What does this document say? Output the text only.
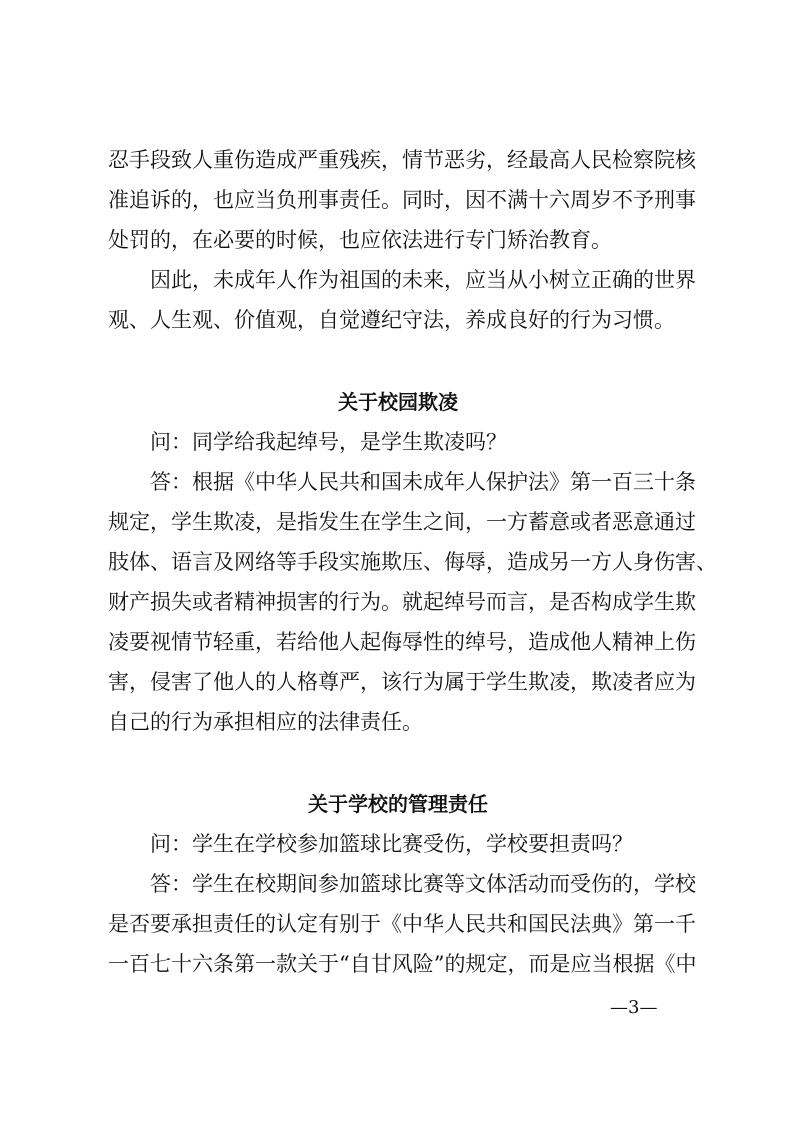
忍手段致人重伤造成严重残疾，情节恶劣，经最高人民检察院核
准追诉的，也应当负刑事责任。同时，因不满十六周岁不予刑事
处罚的，在必要的时候，也应依法进行专门矫治教育。
因此，未成年人作为祖国的未来，应当从小树立正确的世界
观、人生观、价值观，自觉遵纪守法，养成良好的行为习惯。
关于校园欺凌
问：同学给我起绰号，是学生欺凌吗？
答：根据《中华人民共和国未成年人保护法》第一百三十条
规定，学生欺凌，是指发生在学生之间，一方蓄意或者恶意通过
肢体、语言及网络等手段实施欺压、侮辱，造成另一方人身伤害、
财产损失或者精神损害的行为。就起绰号而言，是否构成学生欺
凌要视情节轻重，若给他人起侮辱性的绰号，造成他人精神上伤
害，侵害了他人的人格尊严，该行为属于学生欺凌，欺凌者应为
自己的行为承担相应的法律责任。
关于学校的管理责任
问：学生在学校参加篮球比赛受伤，学校要担责吗？
答：学生在校期间参加篮球比赛等文体活动而受伤的，学校
是否要承担责任的认定有别于《中华人民共和国民法典》第一千
一百七十六条第一款关于“自甘风险”的规定，而是应当根据《中
—3—
